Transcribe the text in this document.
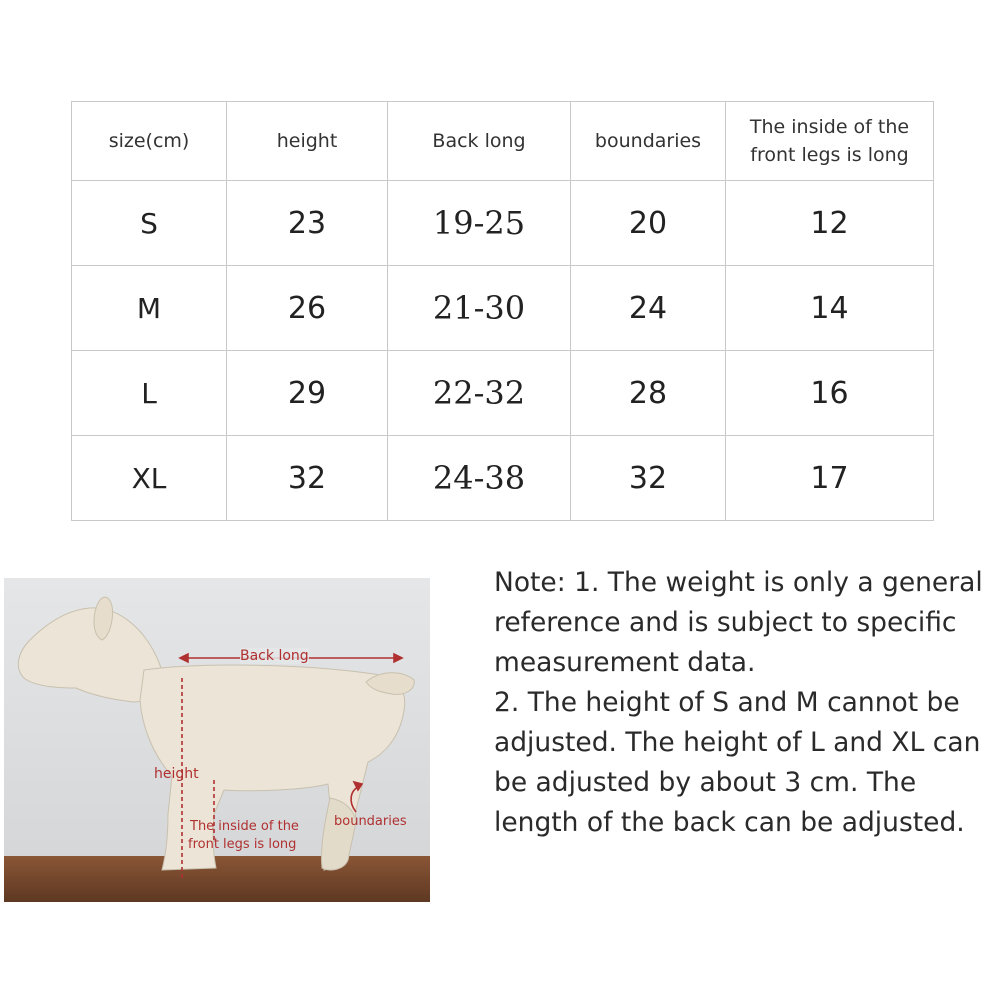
size(cm)	height	Back long	boundaries	The inside of the front legs is long
S	23	19-25	20	12
M	26	21-30	24	14
L	29	22-32	28	16
XL	32	24-38	32	17
Back long
height
The inside of the
front legs is long
boundaries
Note: 1. The weight is only a general
reference and is subject to specific
measurement data.
2. The height of S and M cannot be
adjusted. The height of L and XL can
be adjusted by about 3 cm. The
length of the back can be adjusted.
